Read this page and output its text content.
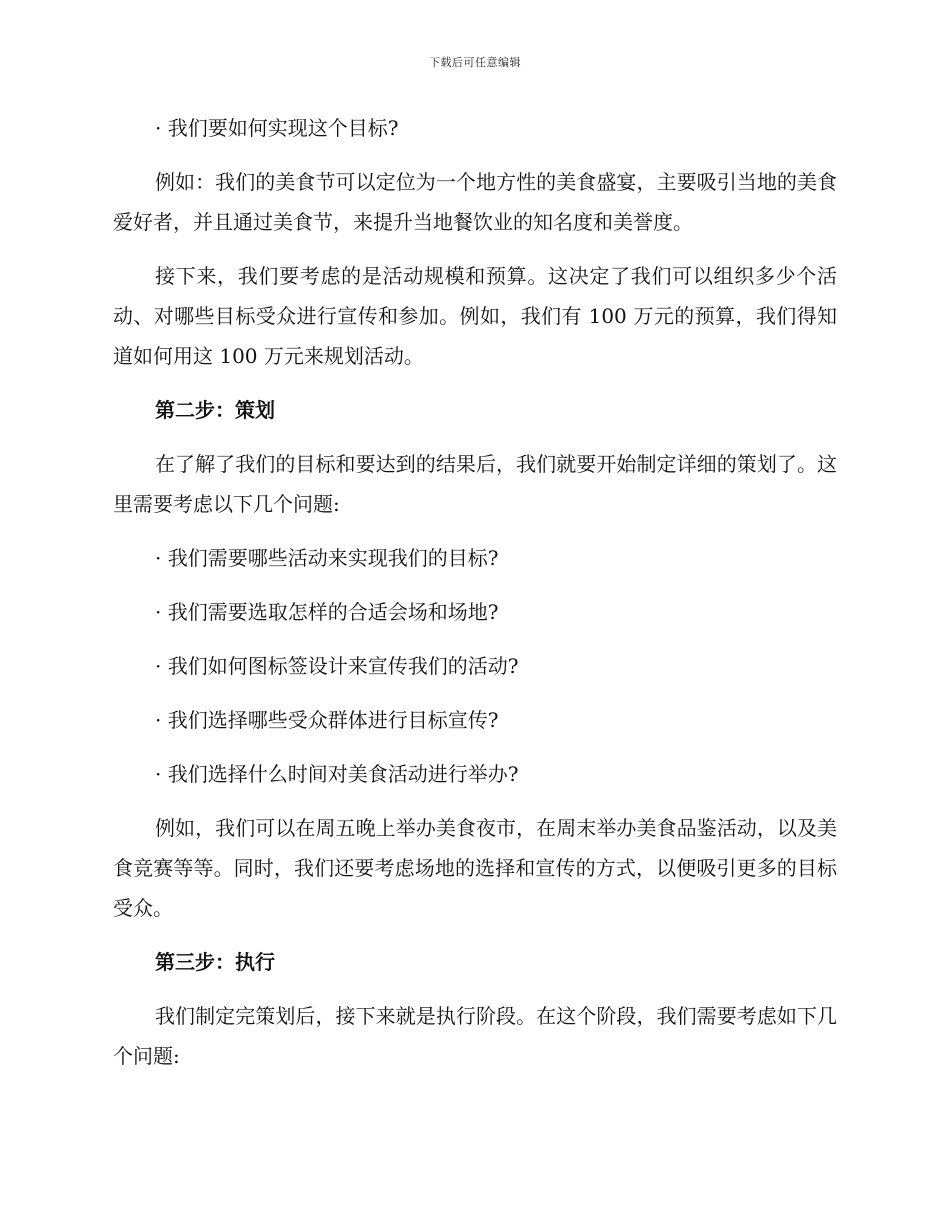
下载后可任意编辑
· 我们要如何实现这个目标?
例如：我们的美食节可以定位为一个地方性的美食盛宴，主要吸引当地的美食爱好者，并且通过美食节，来提升当地餐饮业的知名度和美誉度。
接下来，我们要考虑的是活动规模和预算。这决定了我们可以组织多少个活动、对哪些目标受众进行宣传和参加。例如，我们有 100 万元的预算，我们得知道如何用这 100 万元来规划活动。
第二步：策划
在了解了我们的目标和要达到的结果后，我们就要开始制定详细的策划了。这里需要考虑以下几个问题:
· 我们需要哪些活动来实现我们的目标?
· 我们需要选取怎样的合适会场和场地?
· 我们如何图标签设计来宣传我们的活动?
· 我们选择哪些受众群体进行目标宣传?
· 我们选择什么时间对美食活动进行举办?
例如，我们可以在周五晚上举办美食夜市，在周末举办美食品鉴活动，以及美食竞赛等等。同时，我们还要考虑场地的选择和宣传的方式，以便吸引更多的目标受众。
第三步：执行
我们制定完策划后，接下来就是执行阶段。在这个阶段，我们需要考虑如下几个问题:
